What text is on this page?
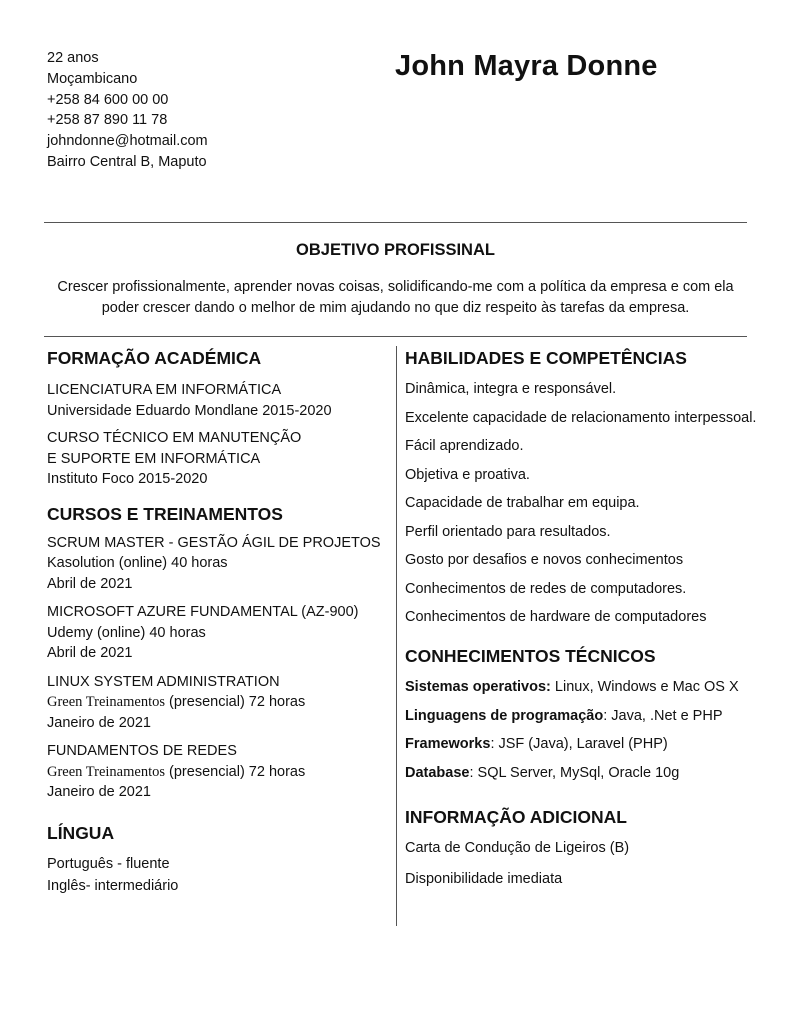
22 anos
Moçambicano
+258 84 600 00 00
+258 87 890 11 78
johndonne@hotmail.com
Bairro Central B, Maputo
John Mayra Donne
OBJETIVO PROFISSINAL
Crescer profissionalmente, aprender novas coisas, solidificando-me com a política da empresa e com ela poder crescer dando o melhor de mim ajudando no que diz respeito às tarefas da empresa.
FORMAÇÃO ACADÉMICA
LICENCIATURA EM INFORMÁTICA
Universidade Eduardo Mondlane 2015-2020
CURSO TÉCNICO EM MANUTENÇÃO
E SUPORTE EM INFORMÁTICA
Instituto Foco 2015-2020
CURSOS E TREINAMENTOS
SCRUM MASTER - GESTÃO ÁGIL DE PROJETOS
Kasolution (online) 40 horas
Abril de 2021
MICROSOFT AZURE FUNDAMENTAL (AZ-900)
Udemy (online) 40 horas
Abril de 2021
LINUX SYSTEM ADMINISTRATION
Green Treinamentos (presencial) 72 horas
Janeiro de 2021
FUNDAMENTOS DE REDES
Green Treinamentos (presencial) 72 horas
Janeiro de 2021
LÍNGUA
Português - fluente
Inglês- intermediário
HABILIDADES E COMPETÊNCIAS
Dinâmica, integra e responsável.
Excelente capacidade de relacionamento interpessoal.
Fácil aprendizado.
Objetiva e proativa.
Capacidade de trabalhar em equipa.
Perfil orientado para resultados.
Gosto por desafios e novos conhecimentos
Conhecimentos de redes de computadores.
Conhecimentos de hardware de computadores
CONHECIMENTOS TÉCNICOS
Sistemas operativos: Linux, Windows e Mac OS X
Linguagens de programação: Java, .Net e PHP
Frameworks: JSF (Java), Laravel (PHP)
Database: SQL Server, MySql, Oracle 10g
INFORMAÇÃO ADICIONAL
Carta de Condução de Ligeiros (B)
Disponibilidade imediata
